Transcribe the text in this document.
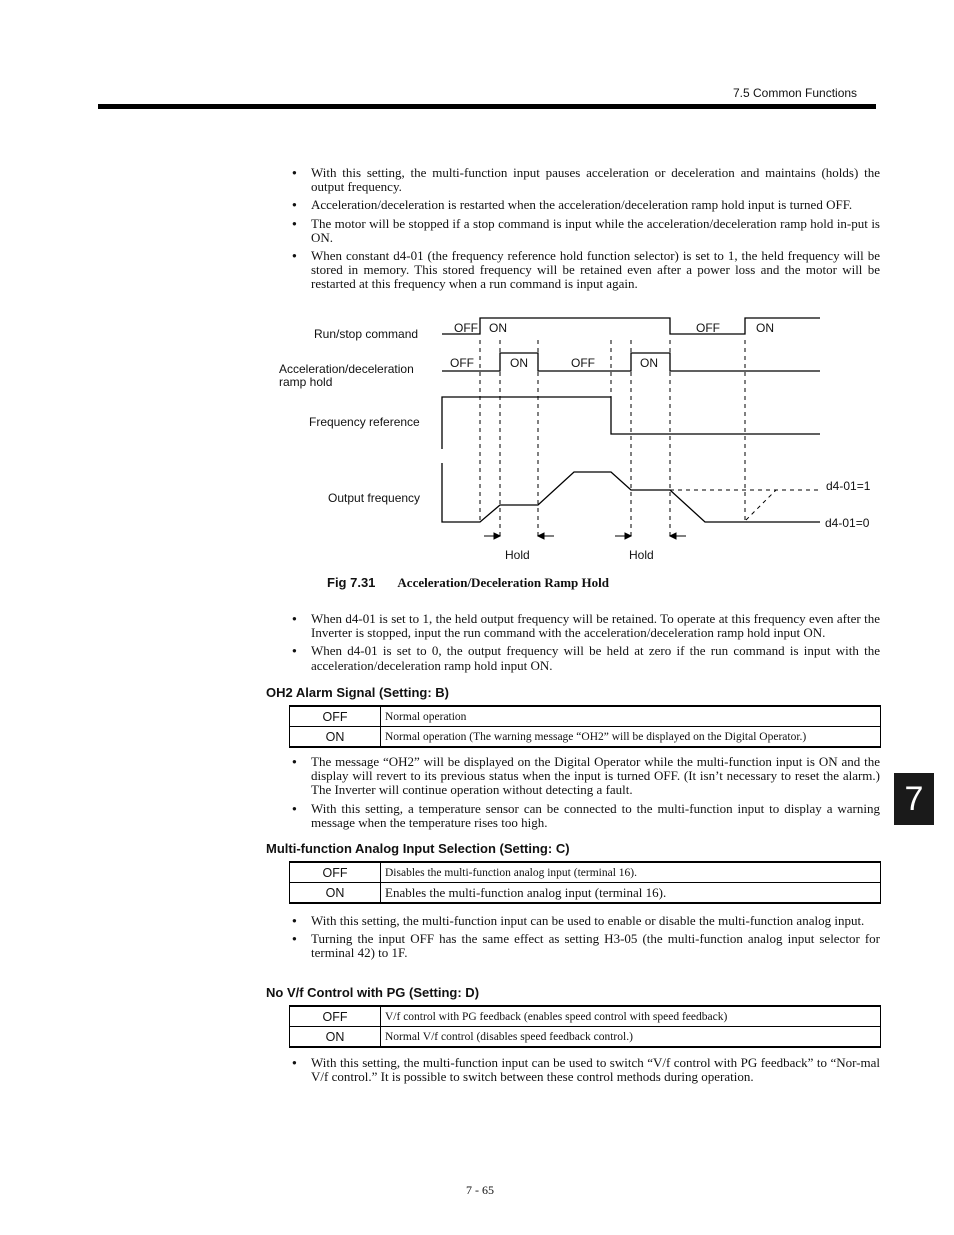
7.5 Common Functions
● With this setting, the multi-function input pauses acceleration or deceleration and maintains (holds) the output frequency.
● Acceleration/deceleration is restarted when the acceleration/deceleration ramp hold input is turned OFF.
● The motor will be stopped if a stop command is input while the acceleration/deceleration ramp hold in-put is ON.
● When constant d4-01 (the frequency reference hold function selector) is set to 1, the held frequency will be stored in memory. This stored frequency will be retained even after a power loss and the motor will be restarted at this frequency when a run command is input again.
Run/stop command
Acceleration/deceleration
ramp hold
Frequency reference
Output frequency
OFF ON	OFF	ON
OFF	ON	OFF	ON
d4-01=1
d4-01=0
Hold	Hold
Fig 7.31 Acceleration/Deceleration Ramp Hold
● When d4-01 is set to 1, the held output frequency will be retained. To operate at this frequency even after the Inverter is stopped, input the run command with the acceleration/deceleration ramp hold input ON.
● When d4-01 is set to 0, the output frequency will be held at zero if the run command is input with the acceleration/deceleration ramp hold input ON.
OH2 Alarm Signal (Setting: B)
OFF	Normal operation
ON	Normal operation (The warning message “OH2” will be displayed on the Digital Operator.)
● The message “OH2” will be displayed on the Digital Operator while the multi-function input is ON and the display will revert to its previous status when the input is turned OFF. (It isn’t necessary to reset the alarm.) The Inverter will continue operation without detecting a fault.
● With this setting, a temperature sensor can be connected to the multi-function input to display a warning message when the temperature rises too high.
Multi-function Analog Input Selection (Setting: C)
OFF	Disables the multi-function analog input (terminal 16).
ON	Enables the multi-function analog input (terminal 16).
● With this setting, the multi-function input can be used to enable or disable the multi-function analog input.
● Turning the input OFF has the same effect as setting H3-05 (the multi-function analog input selector for terminal 42) to 1F.
No V/f Control with PG (Setting: D)
OFF	V/f control with PG feedback (enables speed control with speed feedback)
ON	Normal V/f control (disables speed feedback control.)
● With this setting, the multi-function input can be used to switch “V/f control with PG feedback” to “Nor-mal V/f control.” It is possible to switch between these control methods during operation.
7
7 - 65
